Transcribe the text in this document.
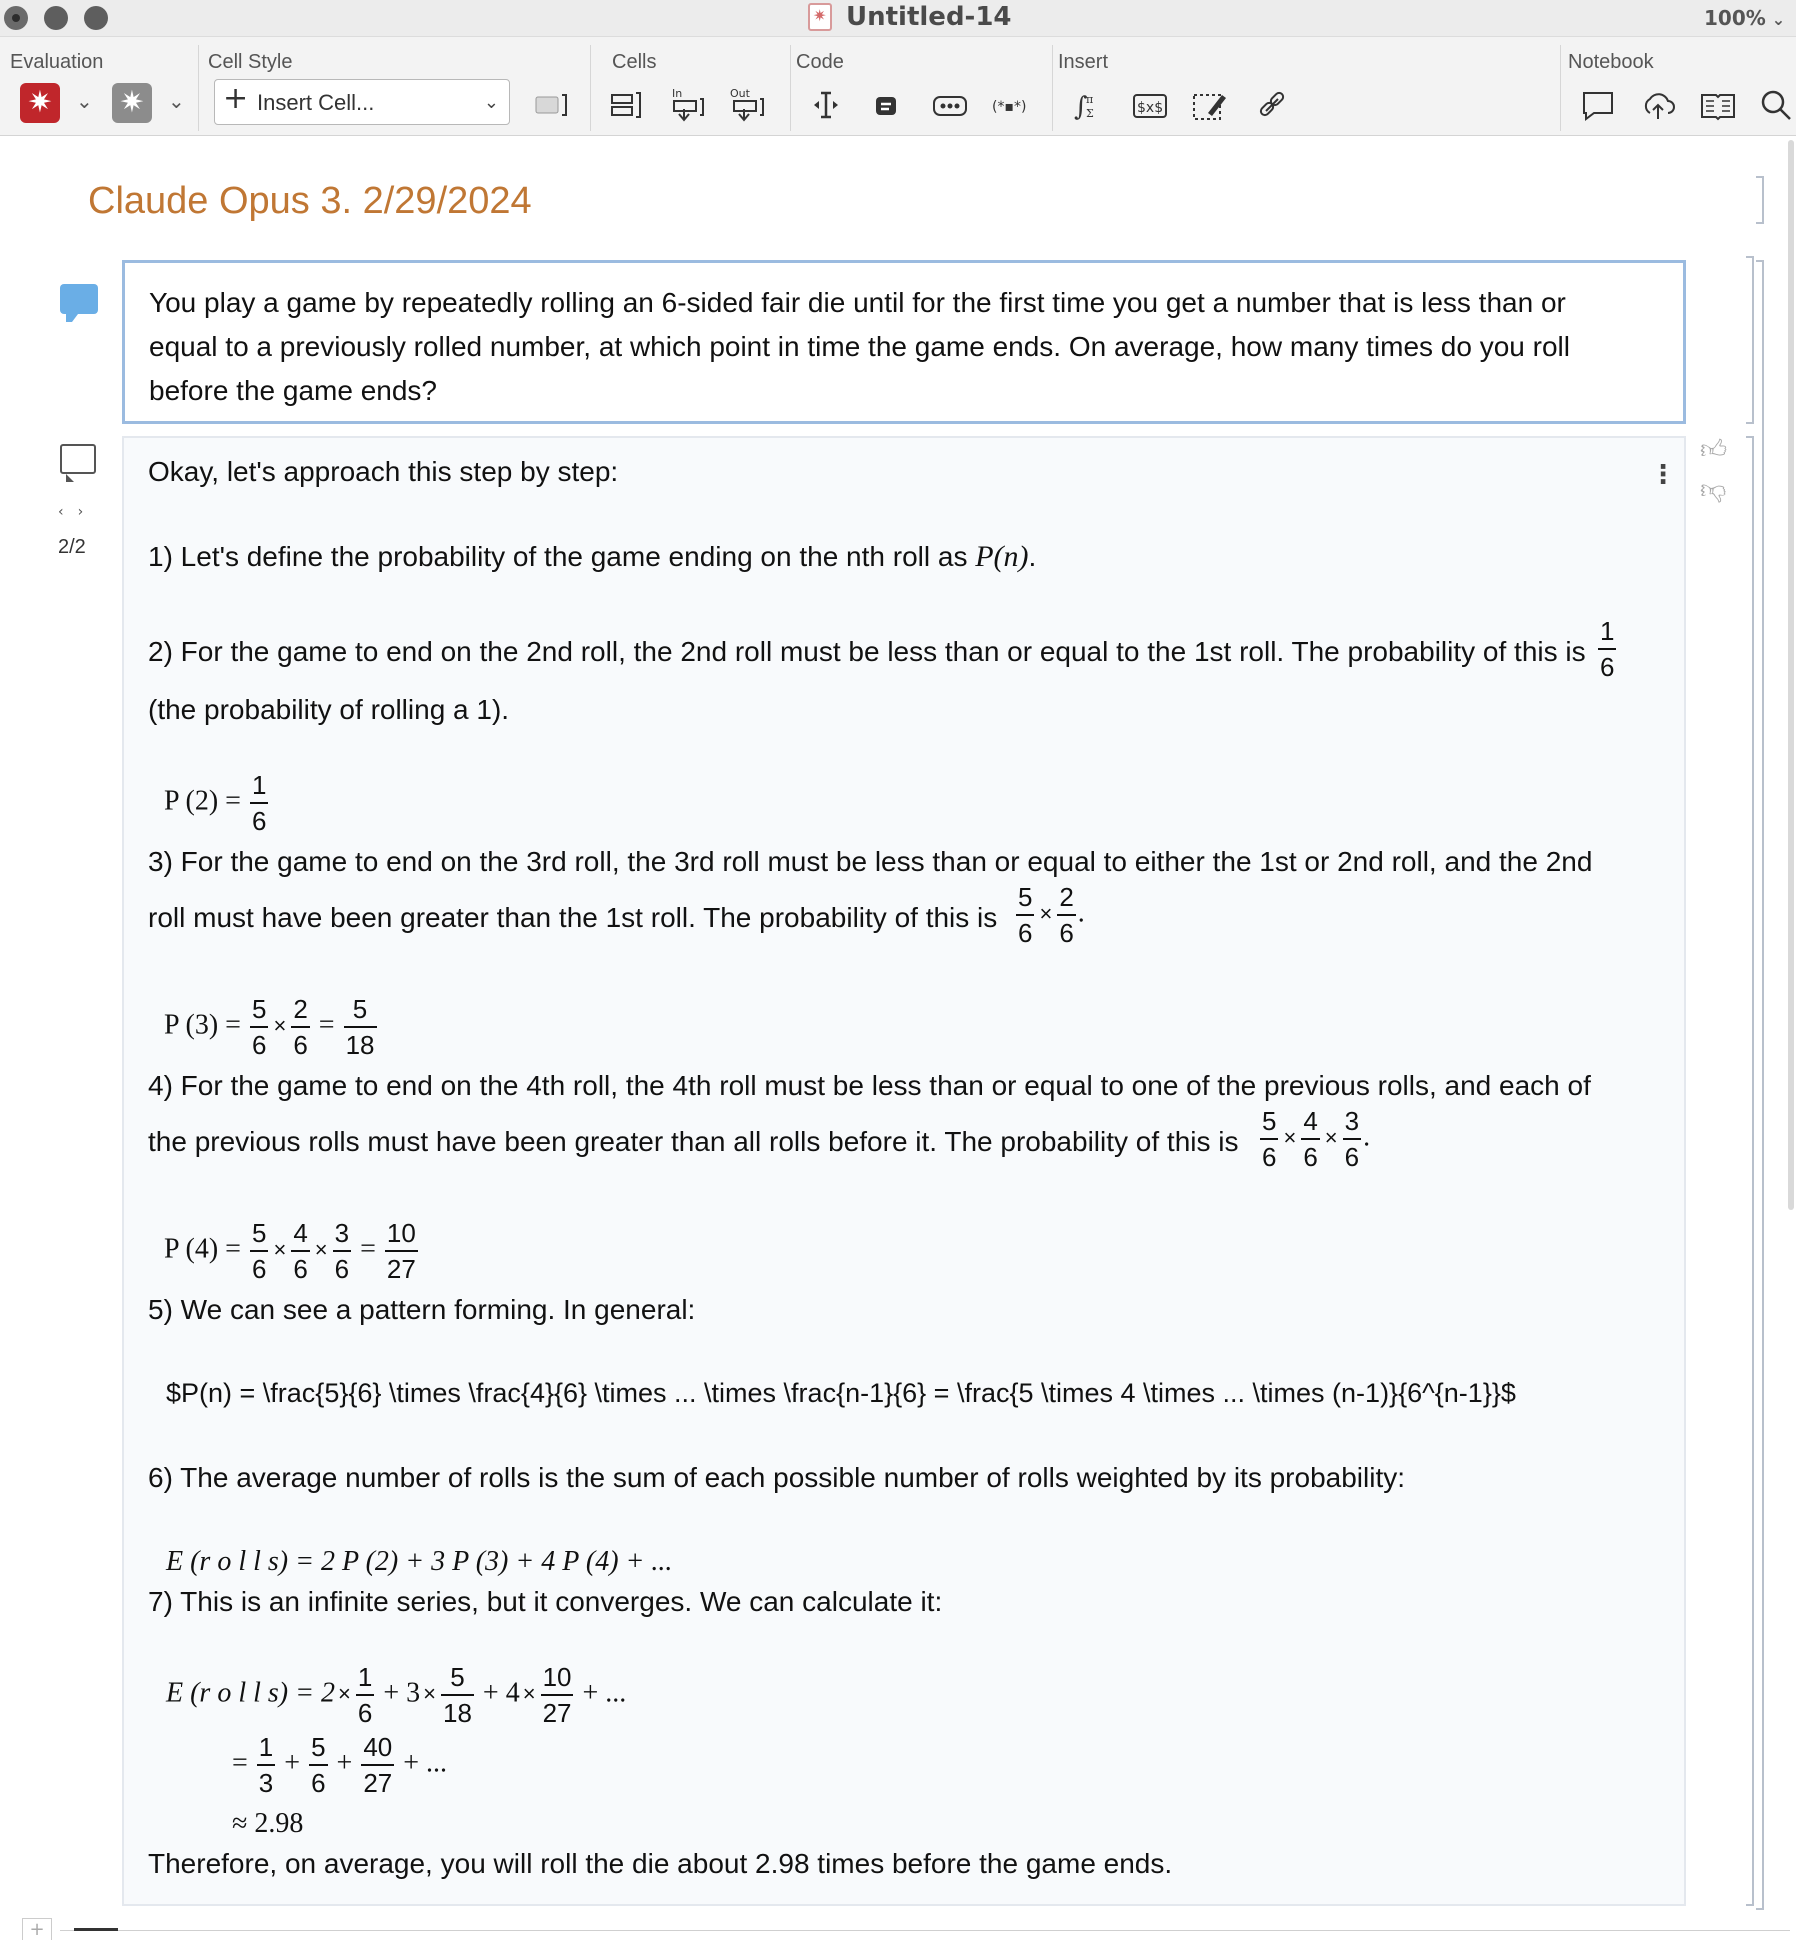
✷
Untitled-14	100% ⌄
Evaluation
✷ ⌄ ✷ ⌄
Cell Style
+ Insert Cell...	⌄
Cells
In	Out
Code
(*▪*)
Insert
∫
π
Σ	$x$
Notebook
Claude Opus 3. 2/29/2024
You play a game by repeatedly rolling an 6-sided fair die until for the first time you get a number that is less than or
equal to a previously rolled number, at which point in time the game ends. On average, how many times do you roll
before the game ends?
‹›
2/2
⋮
👍︎
👎︎
Okay, let's approach this step by step:
1) Let's define the probability of the game ending on the nth roll as P(n).
2) For the game to end on the 2nd roll, the 2nd roll must be less than or equal to the 1st roll. The probability of this is $\frac{1}{6}$
(the probability of rolling a 1).
P $(2) = \frac{1}{6}$
3) For the game to end on the 3rd roll, the 3rd roll must be less than or equal to either the 1st or 2nd roll, and the 2nd
roll must have been greater than the 1st roll. The probability of this is $\frac{5}{6} \times \frac{2}{6}$ .
P $(3) = \frac{5}{6} \times \frac{2}{6} = \frac{5}{18}$
4) For the game to end on the 4th roll, the 4th roll must be less than or equal to one of the previous rolls, and each of
the previous rolls must have been greater than all rolls before it. The probability of this is $\frac{5}{6} \times \frac{4}{6} \times \frac{3}{6}$ .
P $(4) = \frac{5}{6} \times \frac{4}{6} \times \frac{3}{6} = \frac{10}{27}$
5) We can see a pattern forming. In general:
$P(n) = \frac{5}{6} \times \frac{4}{6} \times ... \times \frac{n-1}{6} = \frac{5 \times 4 \times ... \times (n-1)}{6^{n-1}}$
6) The average number of rolls is the sum of each possible number of rolls weighted by its probability:
E (r o l l s) = 2 P (2) + 3 P (3) + 4 P (4) + ...
7) This is an infinite series, but it converges. We can calculate it:
E (r o l l $s) = 2 \times \frac{1}{6} + 3 \times \frac{5}{18} + 4 \times \frac{10}{27}$ + ...
= $\frac{1}{3} + \frac{5}{6} + \frac{40}{27}$ + ...
≈ 2.98
Therefore, on average, you will roll the die about 2.98 times before the game ends.
+
